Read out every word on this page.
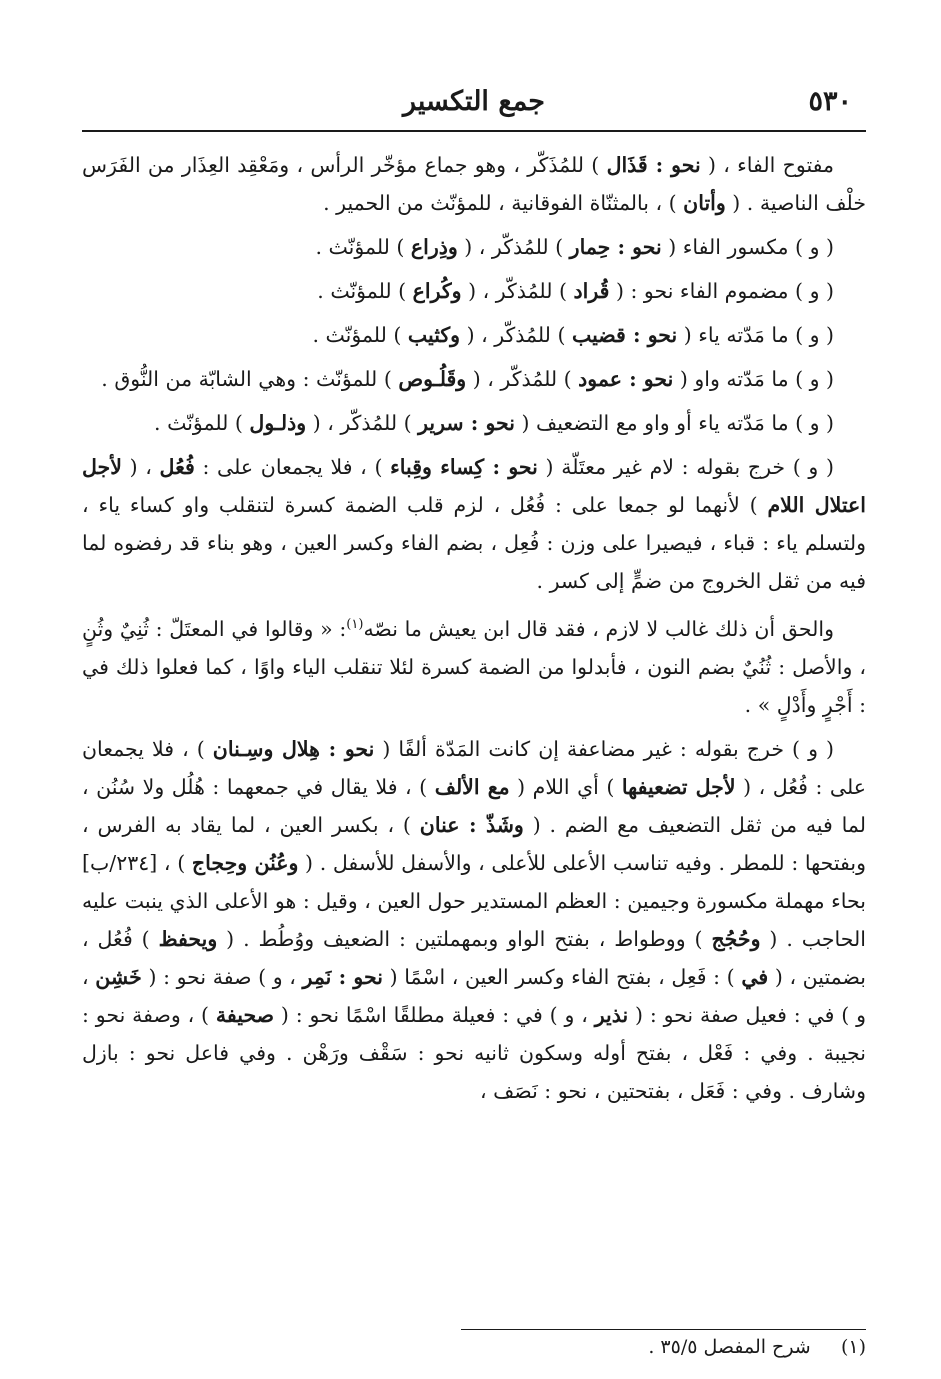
٥٣٠
جمع التكسير

مفتوح الفاء ، ( نحو : قَذَال ) للمُذَكّر ، وهو جماع مؤخّر الرأس ، ومَعْقِد العِذَار من الفَرَس خلْف الناصية . ( وأتان ) ، بالمثنّاة الفوقانية ، للمؤنّث من الحمير .

( و ) مكسور الفاء ( نحو : حِمار ) للمُذكّر ، ( وذِراع ) للمؤنّث .

( و ) مضموم الفاء نحو : ( قُراد ) للمُذكّر ، ( وكُراع ) للمؤنّث .

( و ) ما مَدّته ياء ( نحو : قضيب ) للمُذكّر ، ( وكثيب ) للمؤنّث .

( و ) ما مَدّته واو ( نحو : عمود ) للمُذكّر ، ( وقَلُـوص ) للمؤنّث : وهي الشابّة من النُّوق .

( و ) ما مَدّته ياء أو واو مع التضعيف ( نحو : سرير ) للمُذكّر ، ( وذلـول ) للمؤنّث .

( و ) خرج بقوله : لام غير معتَلّة ( نحو : كِساء وقِباء ) ، فلا يجمعان على : فُعُل ، ( لأجل اعتلال اللام ) لأنهما لو جمعا على : فُعُل ، لزم قلب الضمة كسرة لتنقلب واو كساء ياء ، ولتسلم ياء : قباء ، فيصيرا على وزن : فُعِل ، بضم الفاء وكسر العين ، وهو بناء قد رفضوه لما فيه من ثقل الخروج من ضمٍّ إلى كسر .

والحق أن ذلك غالب لا لازم ، فقد قال ابن يعيش ما نصّه$^{(١)}$: « وقالوا في المعتَلّ : ثُنِيٌ وثُنٍ ، والأصل : ثُنُيٌ بضم النون ، فأبدلوا من الضمة كسرة لئلا تنقلب الياء واوًا ، كما فعلوا ذلك في : أَجْرٍ وأَدْلٍ » .

( و ) خرج بقوله : غير مضاعفة إن كانت المَدّة ألفًا ( نحو : هِلال وسِـنان ) ، فلا يجمعان على : فُعُل ، ( لأجل تضعيفها ) أي اللام ( مع الألف ) ، فلا يقال في جمعهما : هُلُل ولا سُنُن ، لما فيه من ثقل التضعيف مع الضم . ( وشَذّ : عنان ) ، بكسر العين ، لما يقاد به الفرس ، وبفتحها : للمطر . وفيه تناسب الأعلى للأعلى ، والأسفل للأسفل . ( وعُنُن وحِجاج ) ، [٢٣٤/ب] بحاء مهملة مكسورة وجيمين : العظم المستدير حول العين ، وقيل : هو الأعلى الذي ينبت عليه الحاجب . ( وحُجُج ) ووطواط ، بفتح الواو وبمهملتين : الضعيف ووُطُط . ( ويحفظ ) فُعُل ، بضمتين ، ( في ) : فَعِل ، بفتح الفاء وكسر العين ، اسْمًا ( نحو : نَمِر ، و ) صفة نحو : ( خَشِن ، و ) في : فعيل صفة نحو : ( نذير ، و ) في : فعيلة مطلقًا اسْمًا نحو : ( صحيفة ) ، وصفة نحو : نجيبة . وفي : فَعْل ، بفتح أوله وسكون ثانيه نحو : سَقْف ورَهْن . وفي فاعل نحو : بازل وشارف . وفي : فَعَل ، بفتحتين ، نحو : نَصَف ،

(١)     شرح المفصل ٣٥/٥ .
